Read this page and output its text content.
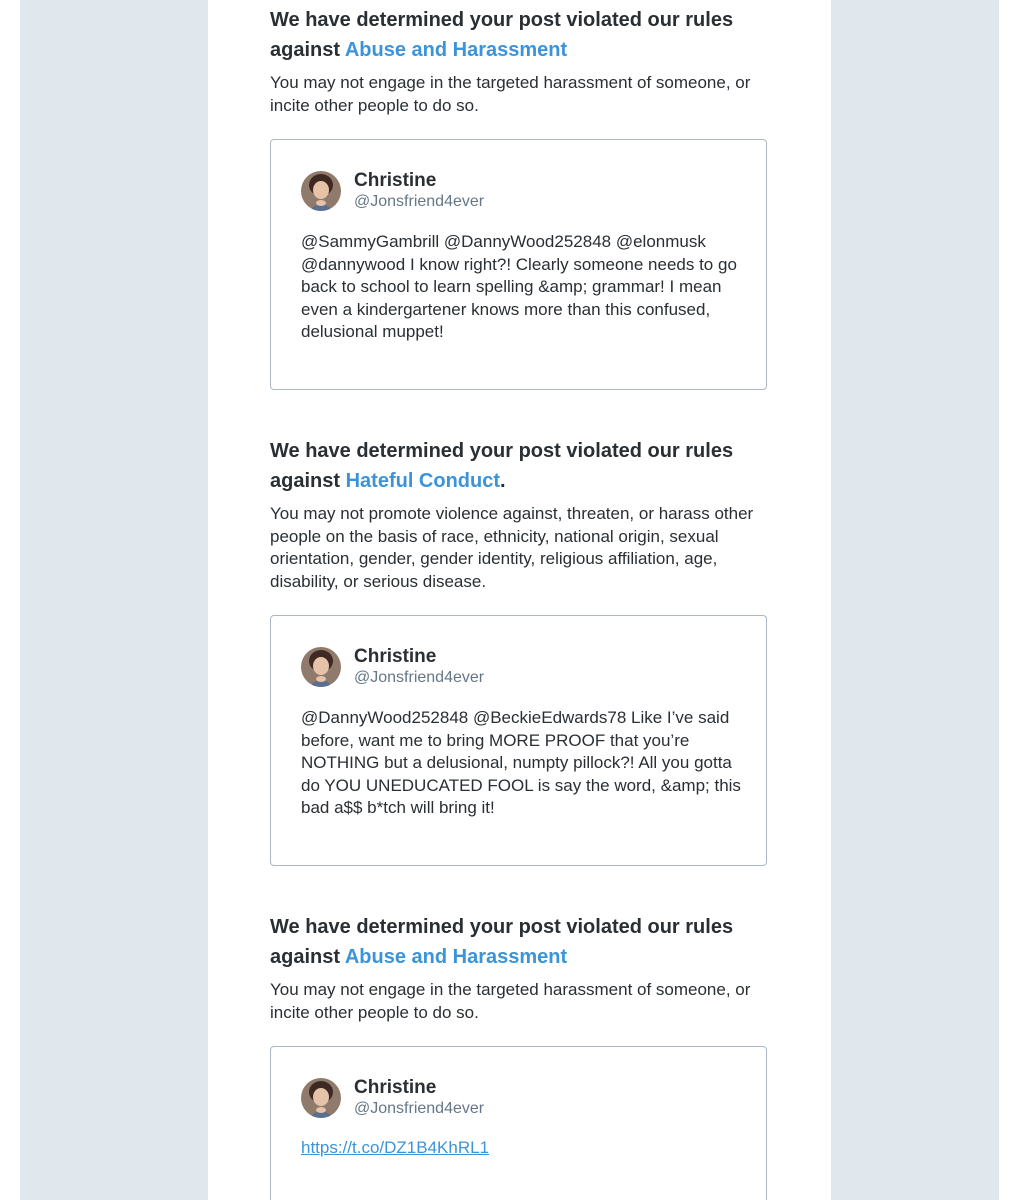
We have determined your post violated our rules against Abuse and Harassment

You may not engage in the targeted harassment of someone, or incite other people to do so.

Christine
@Jonsfriend4ever

@SammyGambrill @DannyWood252848 @elonmusk @dannywood I know right?! Clearly someone needs to go back to school to learn spelling &amp; grammar! I mean even a kindergartener knows more than this confused, delusional muppet!

We have determined your post violated our rules against Hateful Conduct.

You may not promote violence against, threaten, or harass other people on the basis of race, ethnicity, national origin, sexual orientation, gender, gender identity, religious affiliation, age, disability, or serious disease.

Christine
@Jonsfriend4ever

@DannyWood252848 @BeckieEdwards78 Like I’ve said before, want me to bring MORE PROOF that you’re NOTHING but a delusional, numpty pillock?! All you gotta do YOU UNEDUCATED FOOL is say the word, &amp; this bad a$$ b*tch will bring it!

We have determined your post violated our rules against Abuse and Harassment

You may not engage in the targeted harassment of someone, or incite other people to do so.

Christine
@Jonsfriend4ever

https://t.co/DZ1B4KhRL1
